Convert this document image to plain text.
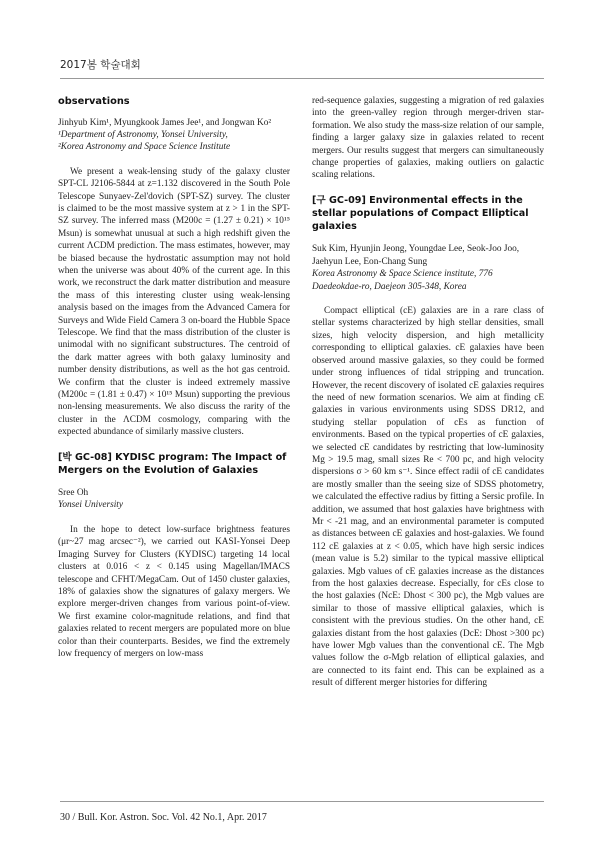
2017봄 학술대회
observations

Jinhyub Kim¹, Myungkook James Jee¹, and Jongwan Ko²

¹Department of Astronomy, Yonsei University,

²Korea Astronomy and Space Science Institute

We present a weak-lensing study of the galaxy cluster SPT-CL J2106-5844 at z=1.132 discovered in the South Pole Telescope Sunyaev-Zel'dovich (SPT-SZ) survey. The cluster is claimed to be the most massive system at z > 1 in the SPT-SZ survey. The inferred mass (M200c = (1.27 ± 0.21) × 10¹⁵ Msun) is somewhat unusual at such a high redshift given the current ΛCDM prediction. The mass estimates, however, may be biased because the hydrostatic assumption may not hold when the universe was about 40% of the current age. In this work, we reconstruct the dark matter distribution and measure the mass of this interesting cluster using weak-lensing analysis based on the images from the Advanced Camera for Surveys and Wide Field Camera 3 on-board the Hubble Space Telescope. We find that the mass distribution of the cluster is unimodal with no significant substructures. The centroid of the dark matter agrees with both galaxy luminosity and number density distributions, as well as the hot gas centroid. We confirm that the cluster is indeed extremely massive (M200c = (1.81 ± 0.47) × 10¹⁵ Msun) supporting the previous non-lensing measurements. We also discuss the rarity of the cluster in the ΛCDM cosmology, comparing with the expected abundance of similarly massive clusters.

[박 GC-08] KYDISC program: The Impact of Mergers on the Evolution of Galaxies

Sree Oh

Yonsei University

In the hope to detect low-surface brightness features (μr~27 mag arcsec⁻²), we carried out KASI-Yonsei Deep Imaging Survey for Clusters (KYDISC) targeting 14 local clusters at 0.016 < z < 0.145 using Magellan/IMACS telescope and CFHT/MegaCam. Out of 1450 cluster galaxies, 18% of galaxies show the signatures of galaxy mergers. We explore merger-driven changes from various point-of-view. We first examine color-magnitude relations, and find that galaxies related to recent mergers are populated more on blue color than their counterparts. Besides, we find the extremely low frequency of mergers on low-mass

red-sequence galaxies, suggesting a migration of red galaxies into the green-valley region through merger-driven star-formation. We also study the mass-size relation of our sample, finding a larger galaxy size in galaxies related to recent mergers. Our results suggest that mergers can simultaneously change properties of galaxies, making outliers on galactic scaling relations.

[구 GC-09] Environmental effects in the stellar populations of Compact Elliptical galaxies

Suk Kim, Hyunjin Jeong, Youngdae Lee, Seok-Joo Joo, Jaehyun Lee, Eon-Chang Sung

Korea Astronomy & Space Science institute, 776

Daedeokdae-ro, Daejeon 305-348, Korea

Compact elliptical (cE) galaxies are in a rare class of stellar systems characterized by high stellar densities, small sizes, high velocity dispersion, and high metallicity corresponding to elliptical galaxies. cE galaxies have been observed around massive galaxies, so they could be formed under strong influences of tidal stripping and truncation. However, the recent discovery of isolated cE galaxies requires the need of new formation scenarios. We aim at finding cE galaxies in various environments using SDSS DR12, and studying stellar population of cEs as function of environments. Based on the typical properties of cE galaxies, we selected cE candidates by restricting that low-luminosity Mg > 19.5 mag, small sizes Re < 700 pc, and high velocity dispersions σ > 60 km s⁻¹. Since effect radii of cE candidates are mostly smaller than the seeing size of SDSS photometry, we calculated the effective radius by fitting a Sersic profile. In addition, we assumed that host galaxies have brightness with Mr < -21 mag, and an environmental parameter is computed as distances between cE galaxies and host-galaxies. We found 112 cE galaxies at z < 0.05, which have high sersic indices (mean value is 5.2) similar to the typical massive elliptical galaxies. Mgb values of cE galaxies increase as the distances from the host galaxies decrease. Especially, for cEs close to the host galaxies (NcE: Dhost < 300 pc), the Mgb values are similar to those of massive elliptical galaxies, which is consistent with the previous studies. On the other hand, cE galaxies distant from the host galaxies (DcE: Dhost >300 pc) have lower Mgb values than the conventional cE. The Mgb values follow the σ-Mgb relation of elliptical galaxies, and are connected to its faint end. This can be explained as a result of different merger histories for differing

30 / Bull. Kor. Astron. Soc. Vol. 42 No.1, Apr. 2017
